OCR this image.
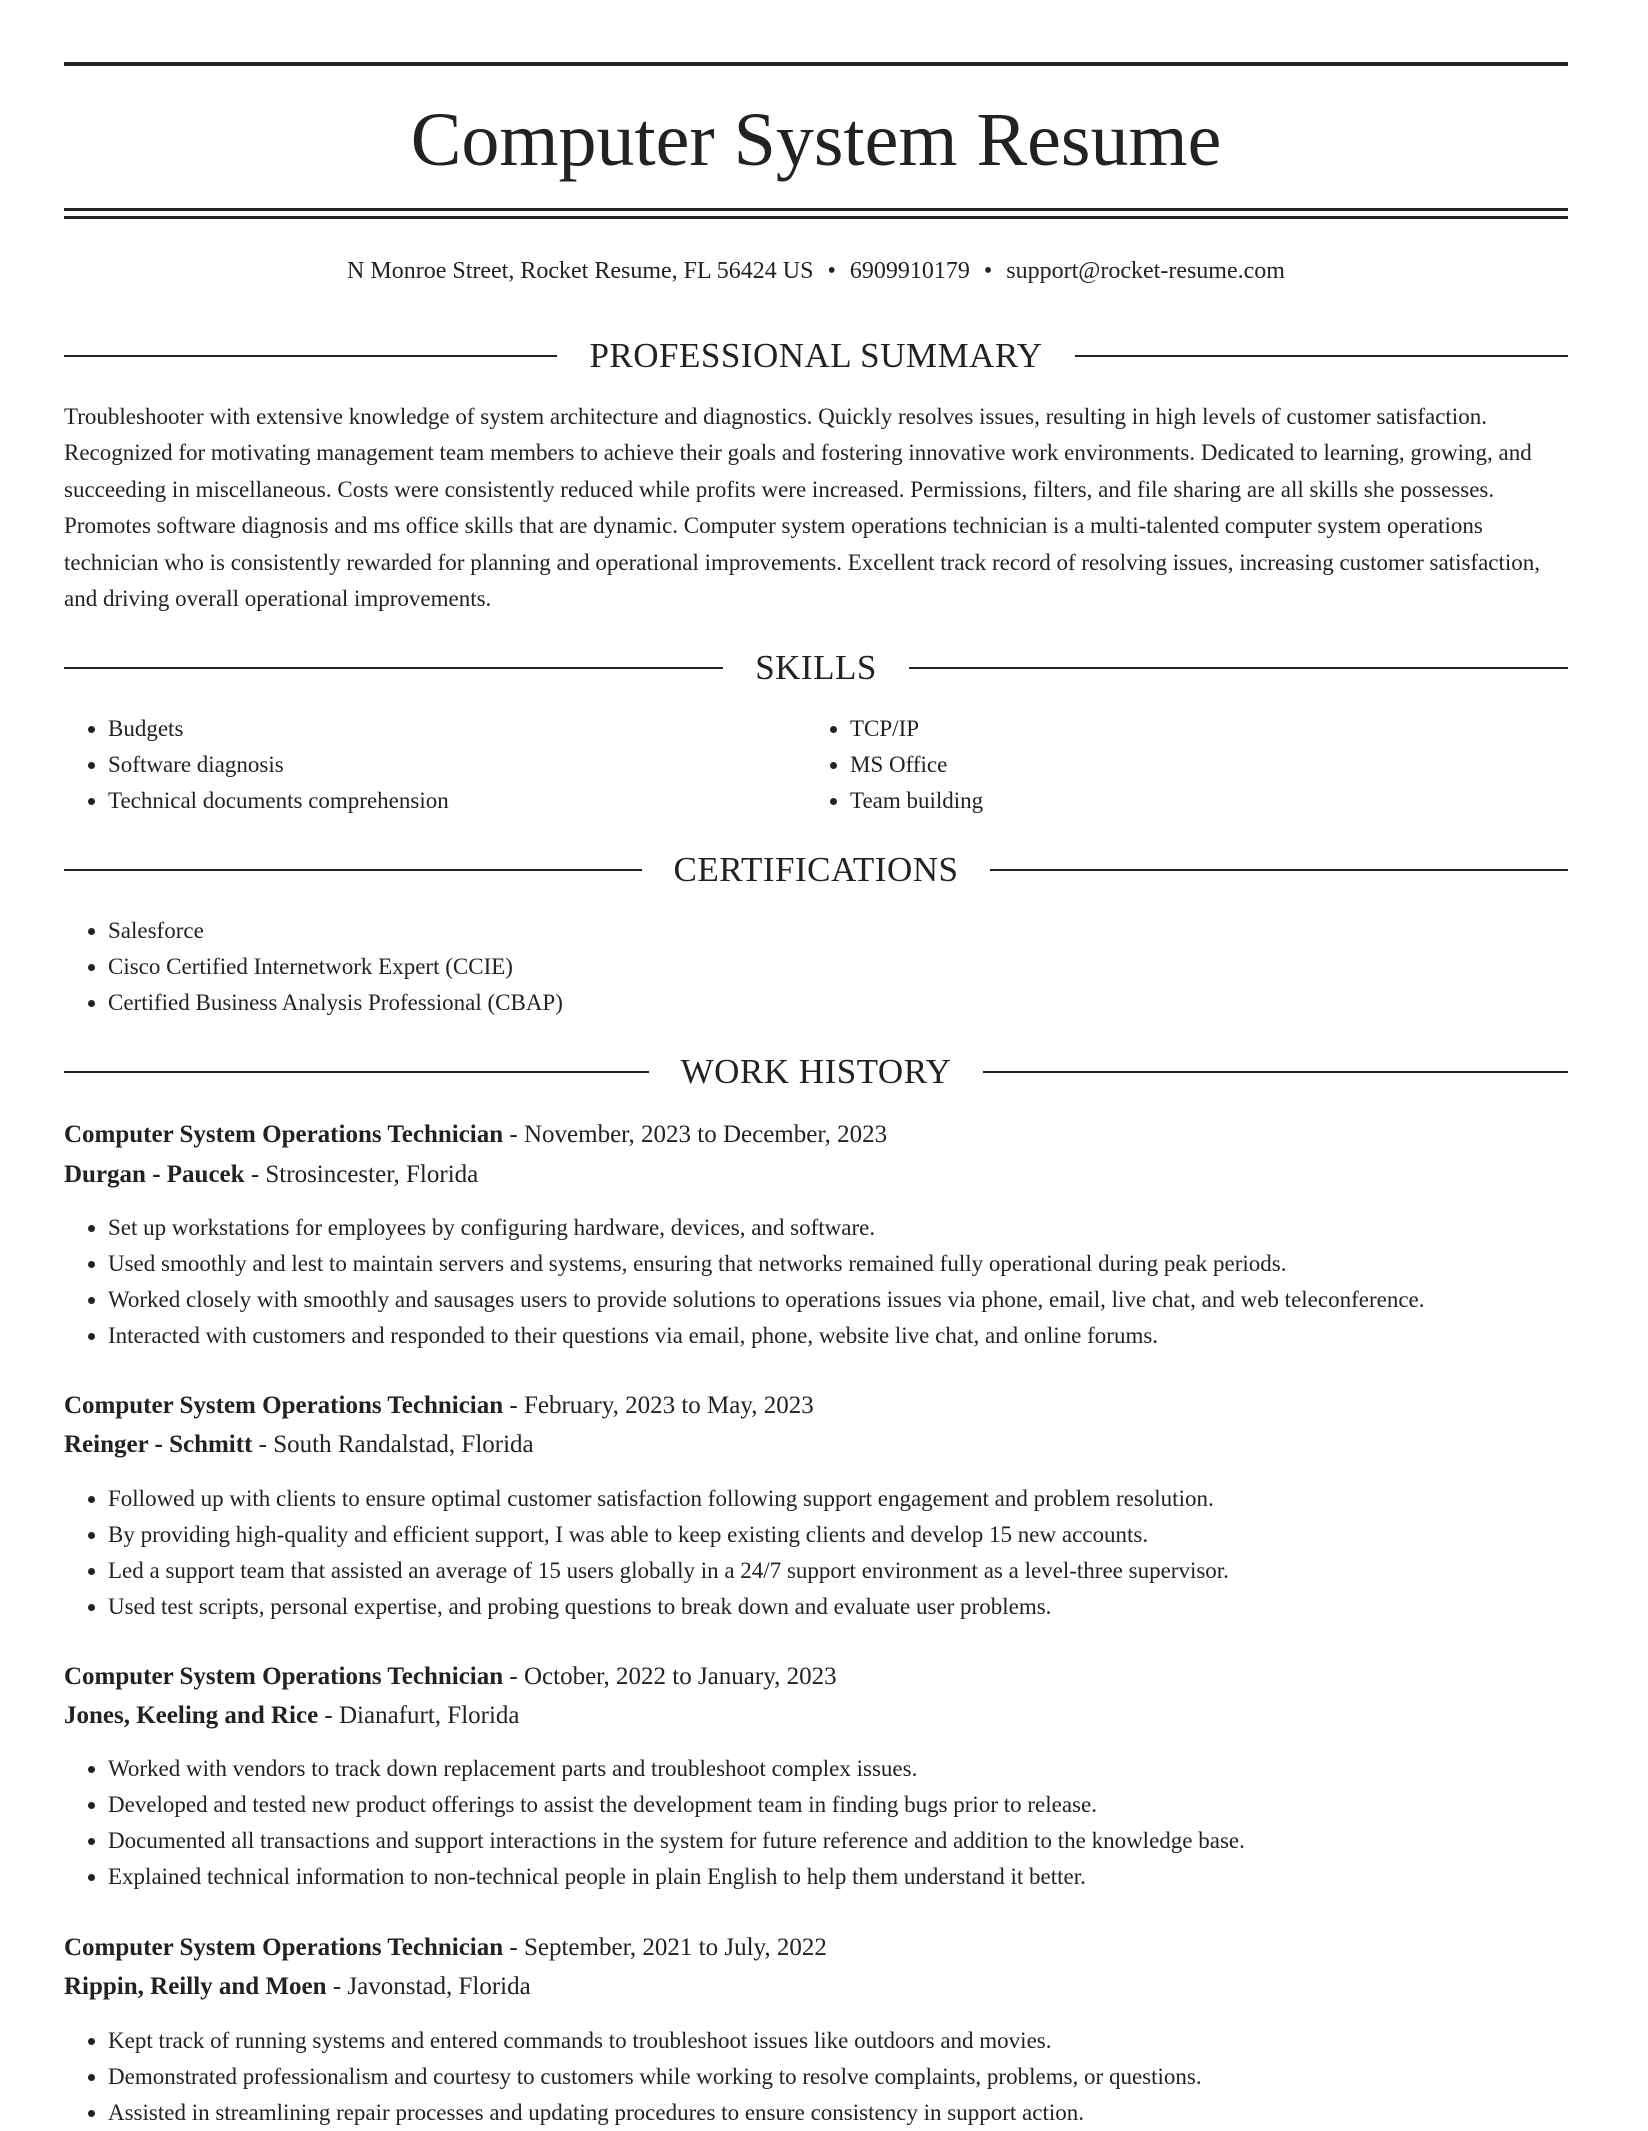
Computer System Resume
N Monroe Street, Rocket Resume, FL 56424 US • 6909910179 • support@rocket-resume.com
PROFESSIONAL SUMMARY

Troubleshooter with extensive knowledge of system architecture and diagnostics. Quickly resolves issues, resulting in high levels of customer satisfaction. Recognized for motivating management team members to achieve their goals and fostering innovative work environments. Dedicated to learning, growing, and succeeding in miscellaneous. Costs were consistently reduced while profits were increased. Permissions, filters, and file sharing are all skills she possesses. Promotes software diagnosis and ms office skills that are dynamic. Computer system operations technician is a multi-talented computer system operations technician who is consistently rewarded for planning and operational improvements. Excellent track record of resolving issues, increasing customer satisfaction, and driving overall operational improvements.

SKILLS
• Budgets
• Software diagnosis
• Technical documents comprehension
• TCP/IP
• MS Office
• Team building
CERTIFICATIONS
• Salesforce
• Cisco Certified Internetwork Expert (CCIE)
• Certified Business Analysis Professional (CBAP)
WORK HISTORY
Computer System Operations Technician - November, 2023 to December, 2023
Durgan - Paucek - Strosincester, Florida
• Set up workstations for employees by configuring hardware, devices, and software.
• Used smoothly and lest to maintain servers and systems, ensuring that networks remained fully operational during peak periods.
• Worked closely with smoothly and sausages users to provide solutions to operations issues via phone, email, live chat, and web teleconference.
• Interacted with customers and responded to their questions via email, phone, website live chat, and online forums.
Computer System Operations Technician - February, 2023 to May, 2023
Reinger - Schmitt - South Randalstad, Florida
• Followed up with clients to ensure optimal customer satisfaction following support engagement and problem resolution.
• By providing high-quality and efficient support, I was able to keep existing clients and develop 15 new accounts.
• Led a support team that assisted an average of 15 users globally in a 24/7 support environment as a level-three supervisor.
• Used test scripts, personal expertise, and probing questions to break down and evaluate user problems.
Computer System Operations Technician - October, 2022 to January, 2023
Jones, Keeling and Rice - Dianafurt, Florida
• Worked with vendors to track down replacement parts and troubleshoot complex issues.
• Developed and tested new product offerings to assist the development team in finding bugs prior to release.
• Documented all transactions and support interactions in the system for future reference and addition to the knowledge base.
• Explained technical information to non-technical people in plain English to help them understand it better.
Computer System Operations Technician - September, 2021 to July, 2022
Rippin, Reilly and Moen - Javonstad, Florida
• Kept track of running systems and entered commands to troubleshoot issues like outdoors and movies.
• Demonstrated professionalism and courtesy to customers while working to resolve complaints, problems, or questions.
• Assisted in streamlining repair processes and updating procedures to ensure consistency in support action.
